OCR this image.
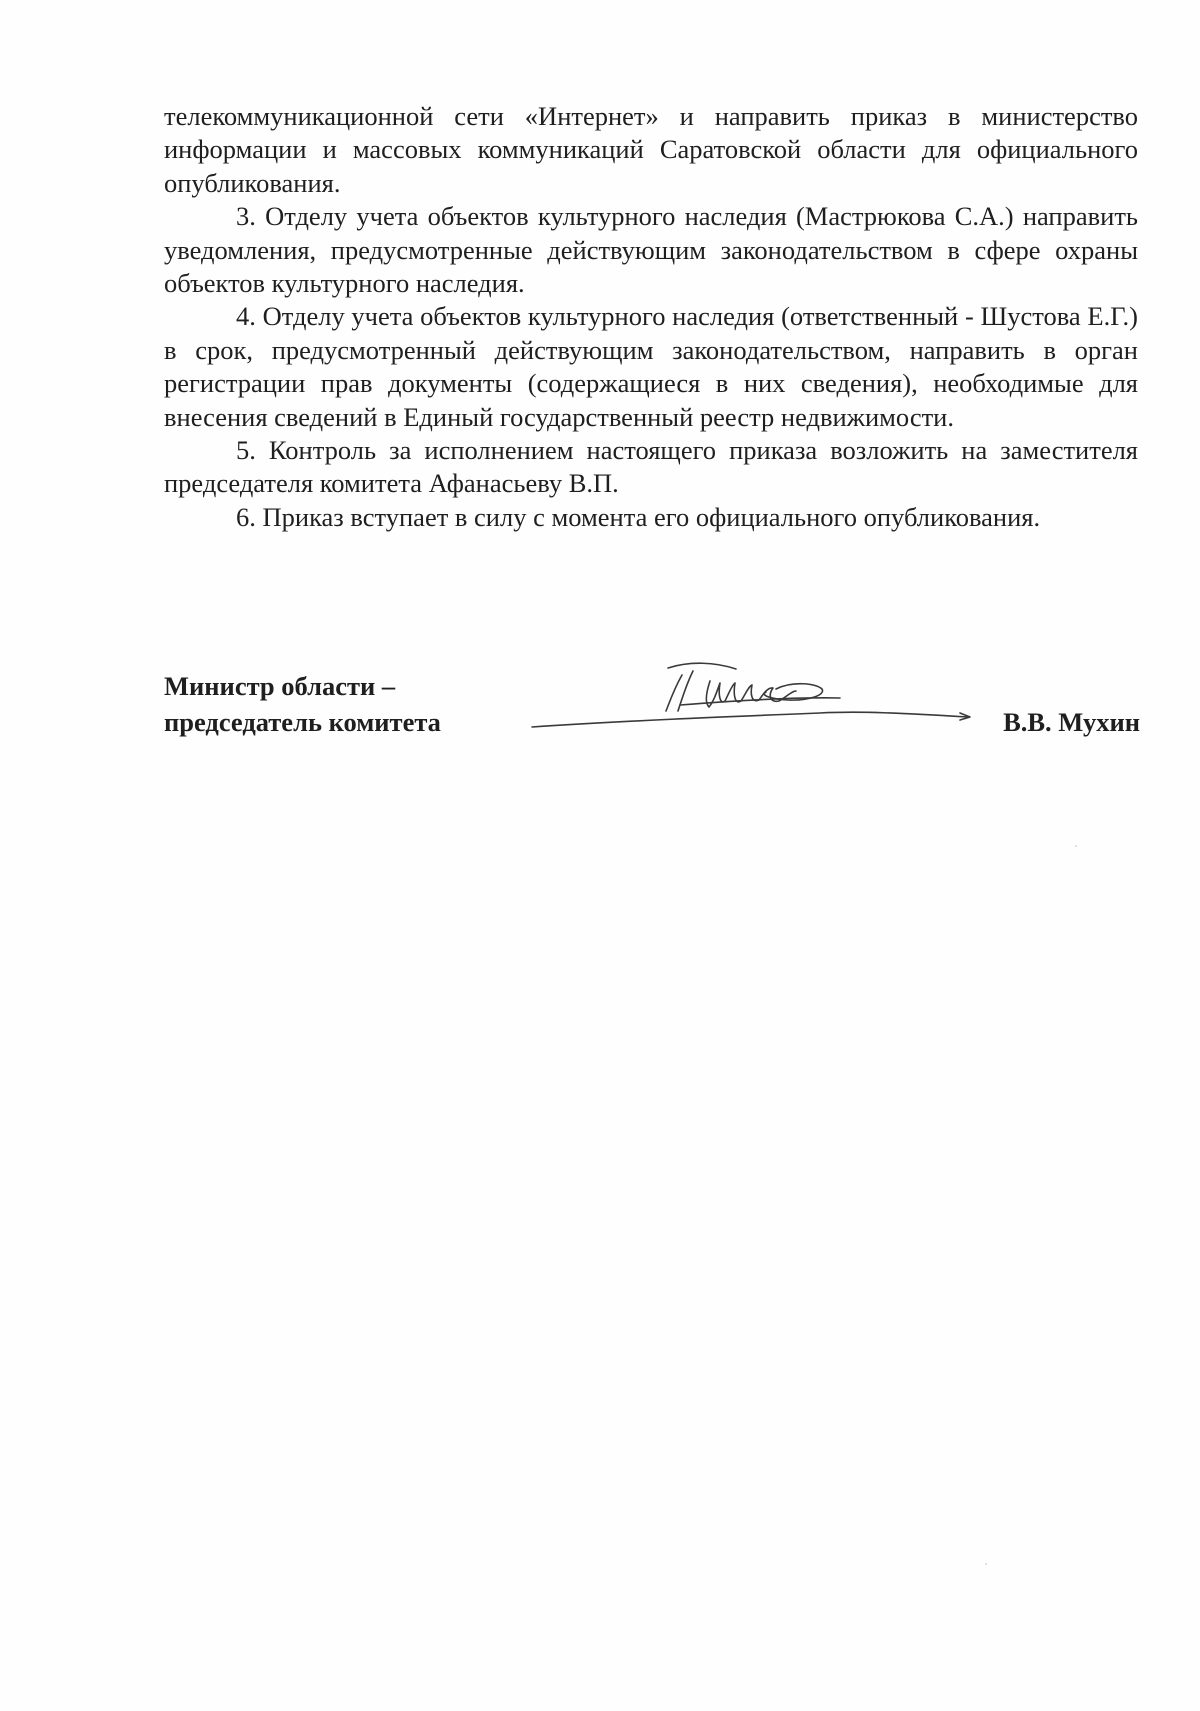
телекоммуникационной сети «Интернет» и направить приказ в министерство информации и массовых коммуникаций Саратовской области для официального опубликования.

3. Отделу учета объектов культурного наследия (Мастрюкова С.А.) направить уведомления, предусмотренные действующим законодательством в сфере охраны объектов культурного наследия.

4. Отделу учета объектов культурного наследия (ответственный - Шустова Е.Г.) в срок, предусмотренный действующим законодательством, направить в орган регистрации прав документы (содержащиеся в них сведения), необходимые для внесения сведений в Единый государственный реестр недвижимости.

5. Контроль за исполнением настоящего приказа возложить на заместителя председателя комитета Афанасьеву В.П.

6. Приказ вступает в силу с момента его официального опубликования.

Министр области –
председатель комитета	В.В. Мухин
